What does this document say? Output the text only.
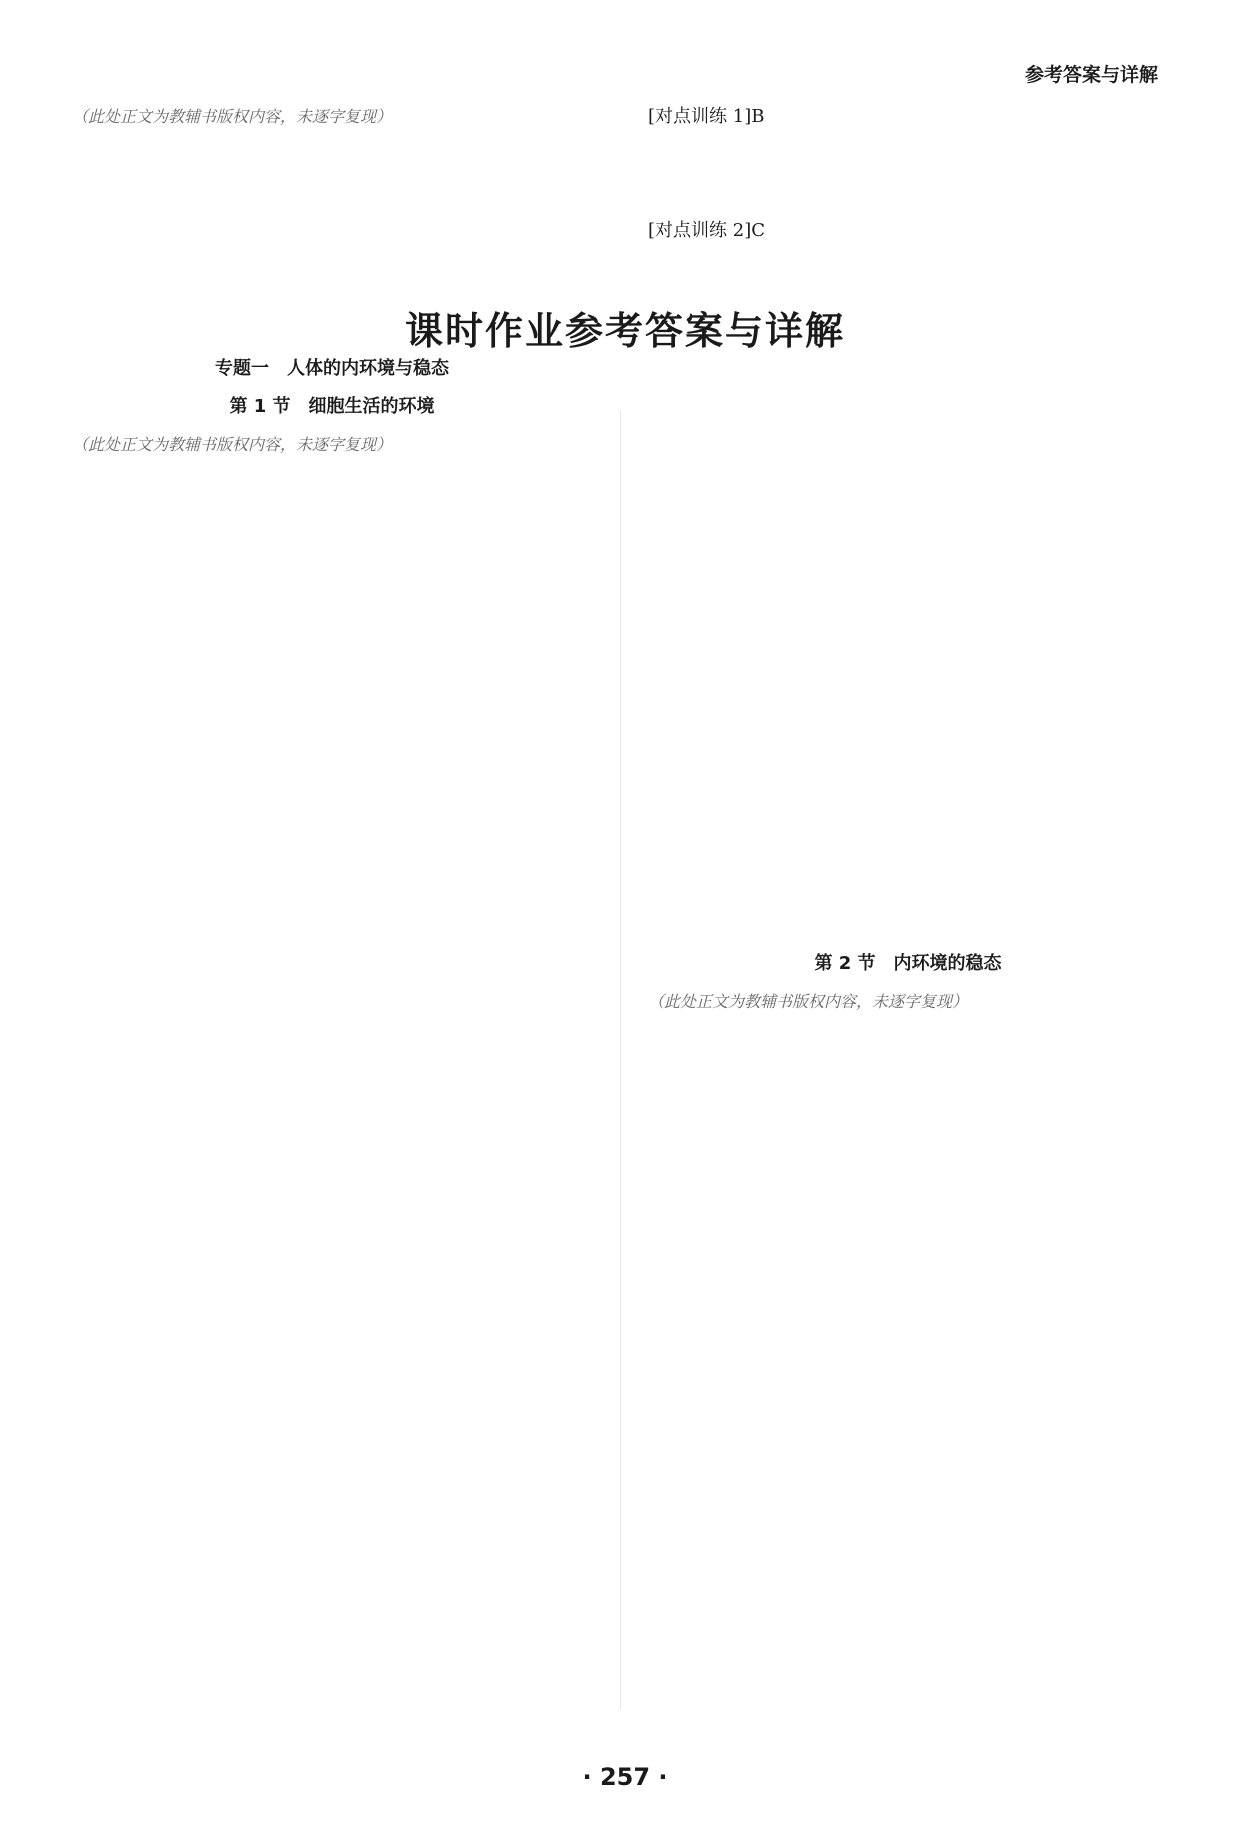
参考答案与详解
（此处正文为教辅书版权内容，未逐字复现）	[对点训练 1]B
[对点训练 2]C
课时作业参考答案与详解
专题一　人体的内环境与稳态
第 1 节　细胞生活的环境
（此处正文为教辅书版权内容，未逐字复现）
第 2 节　内环境的稳态
（此处正文为教辅书版权内容，未逐字复现）
· 257 ·
